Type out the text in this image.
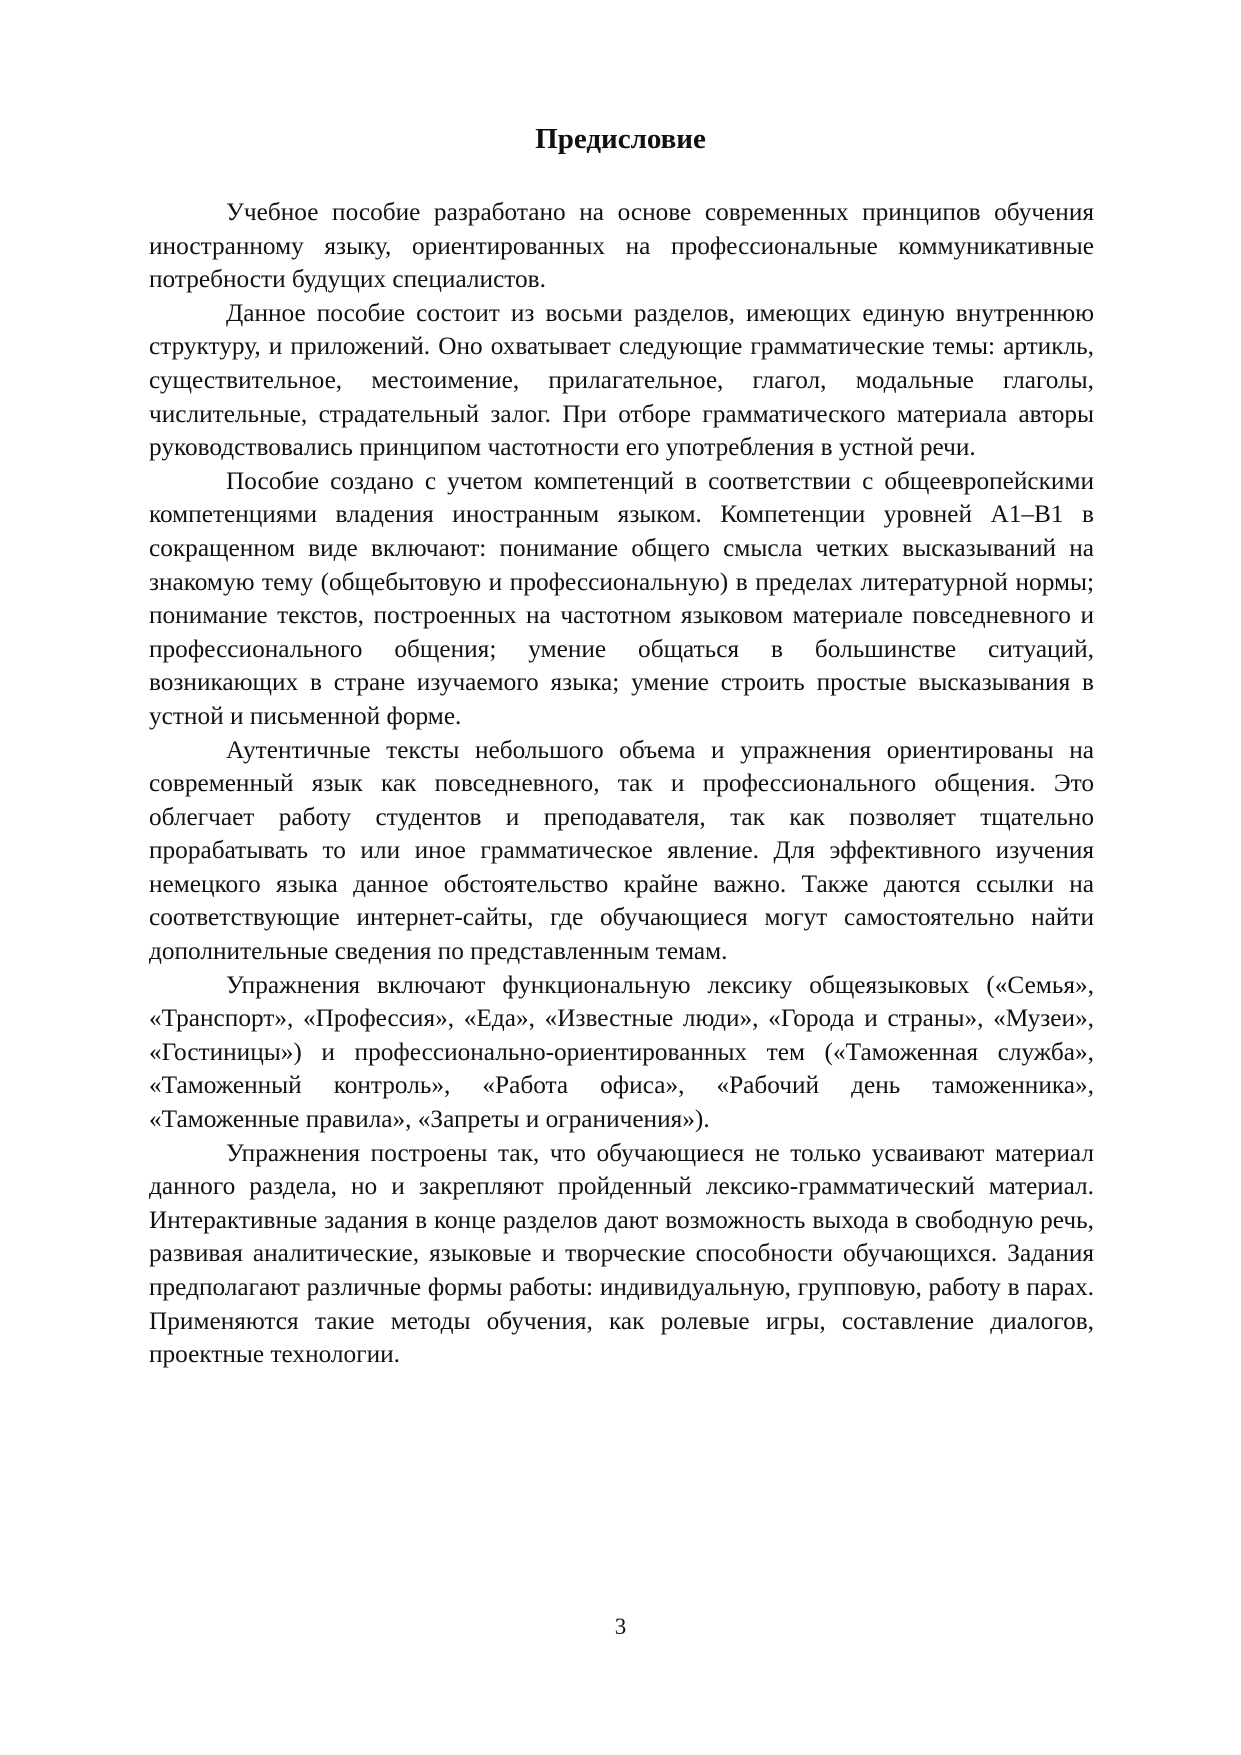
Предисловие

Учебное пособие разработано на основе современных принципов обучения иностранному языку, ориентированных на профессиональные коммуникативные потребности будущих специалистов.

Данное пособие состоит из восьми разделов, имеющих единую внутреннюю структуру, и приложений. Оно охватывает следующие грамматические темы: артикль, существительное, местоимение, прилагательное, глагол, модальные глаголы, числительные, страдательный залог. При отборе грамматического материала авторы руководствовались принципом частотности его употребления в устной речи.

Пособие создано с учетом компетенций в соответствии с общеевропейскими компетенциями владения иностранным языком. Компетенции уровней А1–В1 в сокращенном виде включают: понимание общего смысла четких высказываний на знакомую тему (общебытовую и профессиональную) в пределах литературной нормы; понимание текстов, построенных на частотном языковом материале повседневного и профессионального общения; умение общаться в большинстве ситуаций, возникающих в стране изучаемого языка; умение строить простые высказывания в устной и письменной форме.

Аутентичные тексты небольшого объема и упражнения ориентированы на современный язык как повседневного, так и профессионального общения. Это облегчает работу студентов и преподавателя, так как позволяет тщательно прорабатывать то или иное грамматическое явление. Для эффективного изучения немецкого языка данное обстоятельство крайне важно. Также даются ссылки на соответствующие интернет-сайты, где обучающиеся могут самостоятельно найти дополнительные сведения по представленным темам.

Упражнения включают функциональную лексику общеязыковых («Семья», «Транспорт», «Профессия», «Еда», «Известные люди», «Города и страны», «Музеи», «Гостиницы») и профессионально-ориентированных тем («Таможенная служба», «Таможенный контроль», «Работа офиса», «Рабочий день таможенника», «Таможенные правила», «Запреты и ограничения»).

Упражнения построены так, что обучающиеся не только усваивают материал данного раздела, но и закрепляют пройденный лексико-грамматический материал. Интерактивные задания в конце разделов дают возможность выхода в свободную речь, развивая аналитические, языковые и творческие способности обучающихся. Задания предполагают различные формы работы: индивидуальную, групповую, работу в парах. Применяются такие методы обучения, как ролевые игры, составление диалогов, проектные технологии.

3
